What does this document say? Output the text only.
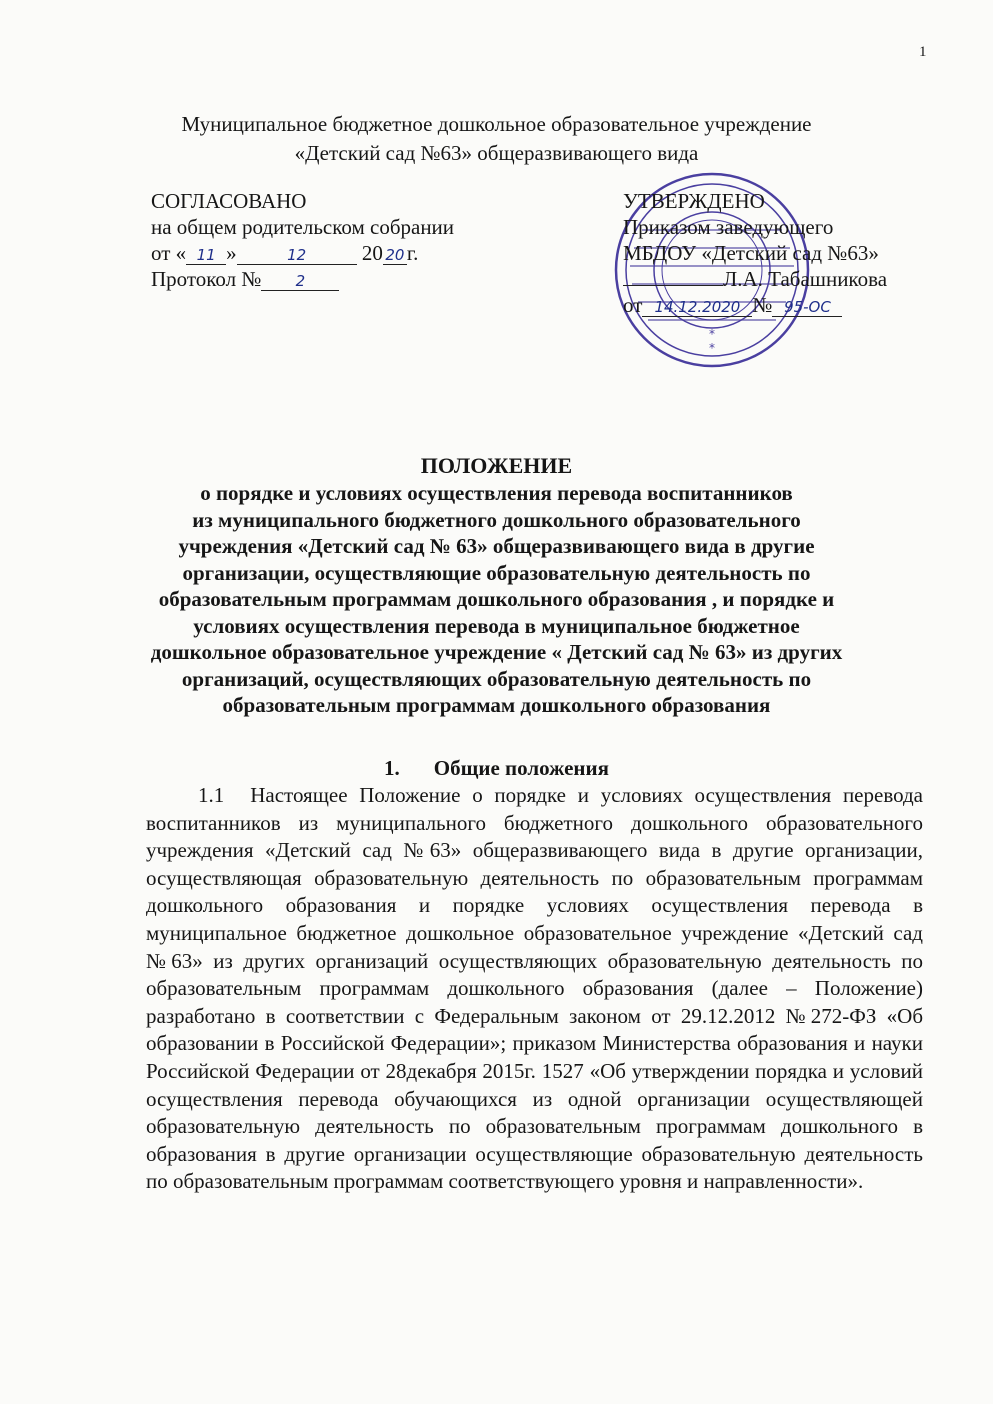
1
Муниципальное бюджетное дошкольное образовательное учреждение
«Детский сад №63» общеразвивающего вида
СОГЛАСОВАНО
на общем родительском собрании
от « 11 »	12	20 20 г.
Протокол № 2
*
*
УТВЕРЖДЕНО
Приказом заведующего
МБДОУ «Детский сад №63»
Л.А. Табашникова
от 14.12.2020 № 95-ОС
ПОЛОЖЕНИЕ
о порядке и условиях осуществления перевода воспитанников
из муниципального бюджетного дошкольного образовательного
учреждения «Детский сад № 63» общеразвивающего вида в другие
организации, осуществляющие образовательную деятельность по
образовательным программам дошкольного образования , и порядке и
условиях осуществления перевода в муниципальное бюджетное
дошкольное образовательное учреждение « Детский сад № 63» из других
организаций, осуществляющих образовательную деятельность по
образовательным программам дошкольного образования
1. Общие положения
1.1 Настоящее Положение о порядке и условиях осуществления перевода воспитанников из муниципального бюджетного дошкольного образовательного учреждения «Детский сад №63» общеразвивающего вида в другие организации, осуществляющая образовательную деятельность по образовательным программам дошкольного образования и порядке условиях осуществления перевода в муниципальное бюджетное дошкольное образовательное учреждение «Детский сад №63» из других организаций осуществляющих образовательную деятельность по образовательным программам дошкольного образования (далее – Положение) разработано в соответствии с Федеральным законом от 29.12.2012 №272-ФЗ «Об образовании в Российской Федерации»; приказом Министерства образования и науки Российской Федерации от 28декабря 2015г. 1527 «Об утверждении порядка и условий осуществления перевода обучающихся из одной организации осуществляющей образовательную деятельность по образовательным программам дошкольного в образования в другие организации осуществляющие образовательную деятельность по образовательным программам соответствующего уровня и направленности».
